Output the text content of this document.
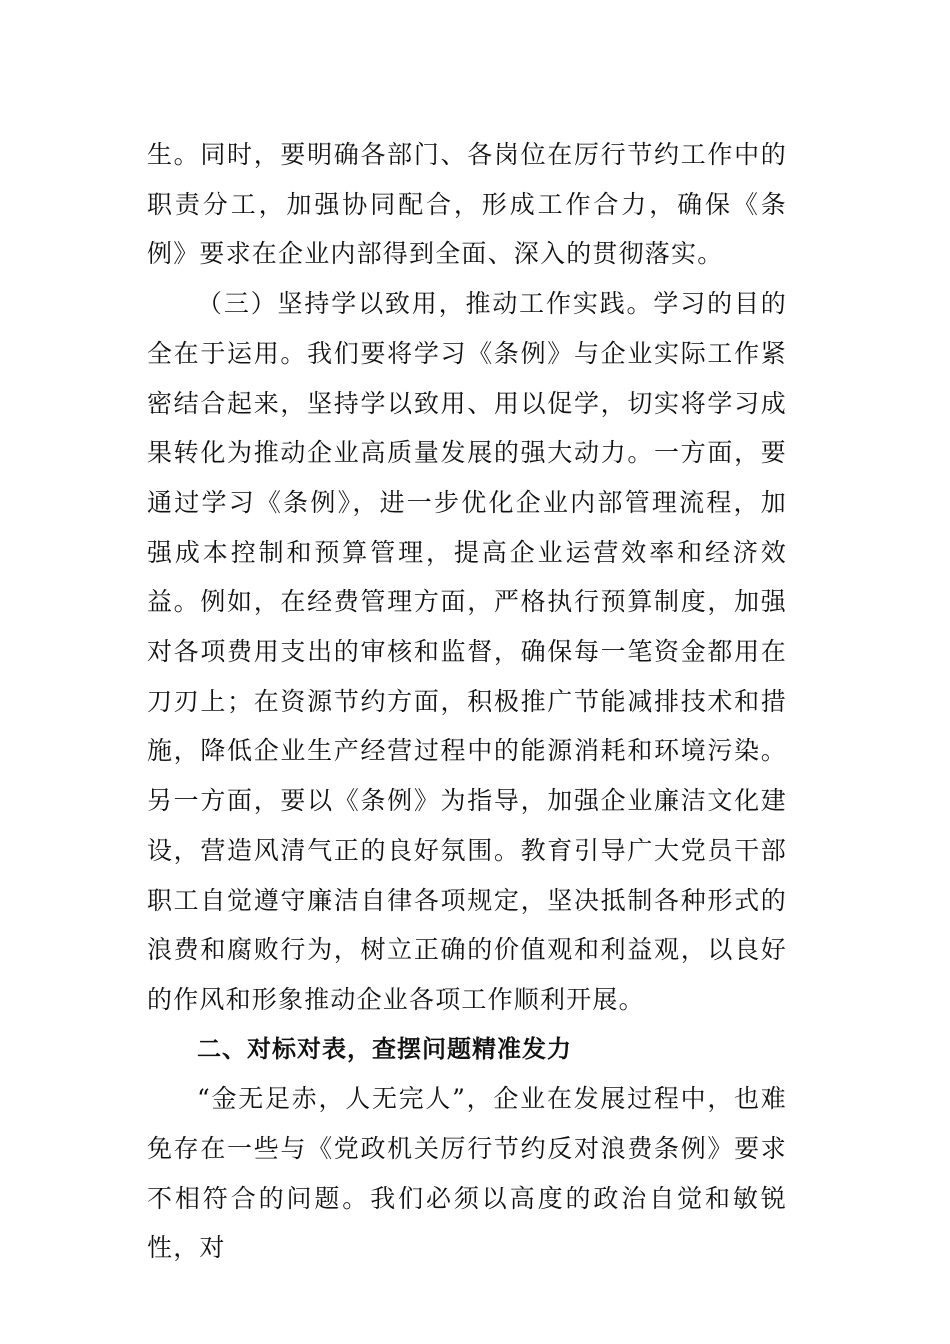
生。同时，要明确各部门、各岗位在厉行节约工作中的职责分工，加强协同配合，形成工作合力，确保《条例》要求在企业内部得到全面、深入的贯彻落实。

（三）坚持学以致用，推动工作实践。学习的目的全在于运用。我们要将学习《条例》与企业实际工作紧密结合起来，坚持学以致用、用以促学，切实将学习成果转化为推动企业高质量发展的强大动力。一方面，要通过学习《条例》，进一步优化企业内部管理流程，加强成本控制和预算管理，提高企业运营效率和经济效益。例如，在经费管理方面，严格执行预算制度，加强对各项费用支出的审核和监督，确保每一笔资金都用在刀刃上；在资源节约方面，积极推广节能减排技术和措施，降低企业生产经营过程中的能源消耗和环境污染。另一方面，要以《条例》为指导，加强企业廉洁文化建设，营造风清气正的良好氛围。教育引导广大党员干部职工自觉遵守廉洁自律各项规定，坚决抵制各种形式的浪费和腐败行为，树立正确的价值观和利益观，以良好的作风和形象推动企业各项工作顺利开展。

二、对标对表，查摆问题精准发力

“金无足赤，人无完人”，企业在发展过程中，也难免存在一些与《党政机关厉行节约反对浪费条例》要求不相符合的问题。我们必须以高度的政治自觉和敏锐性，对
